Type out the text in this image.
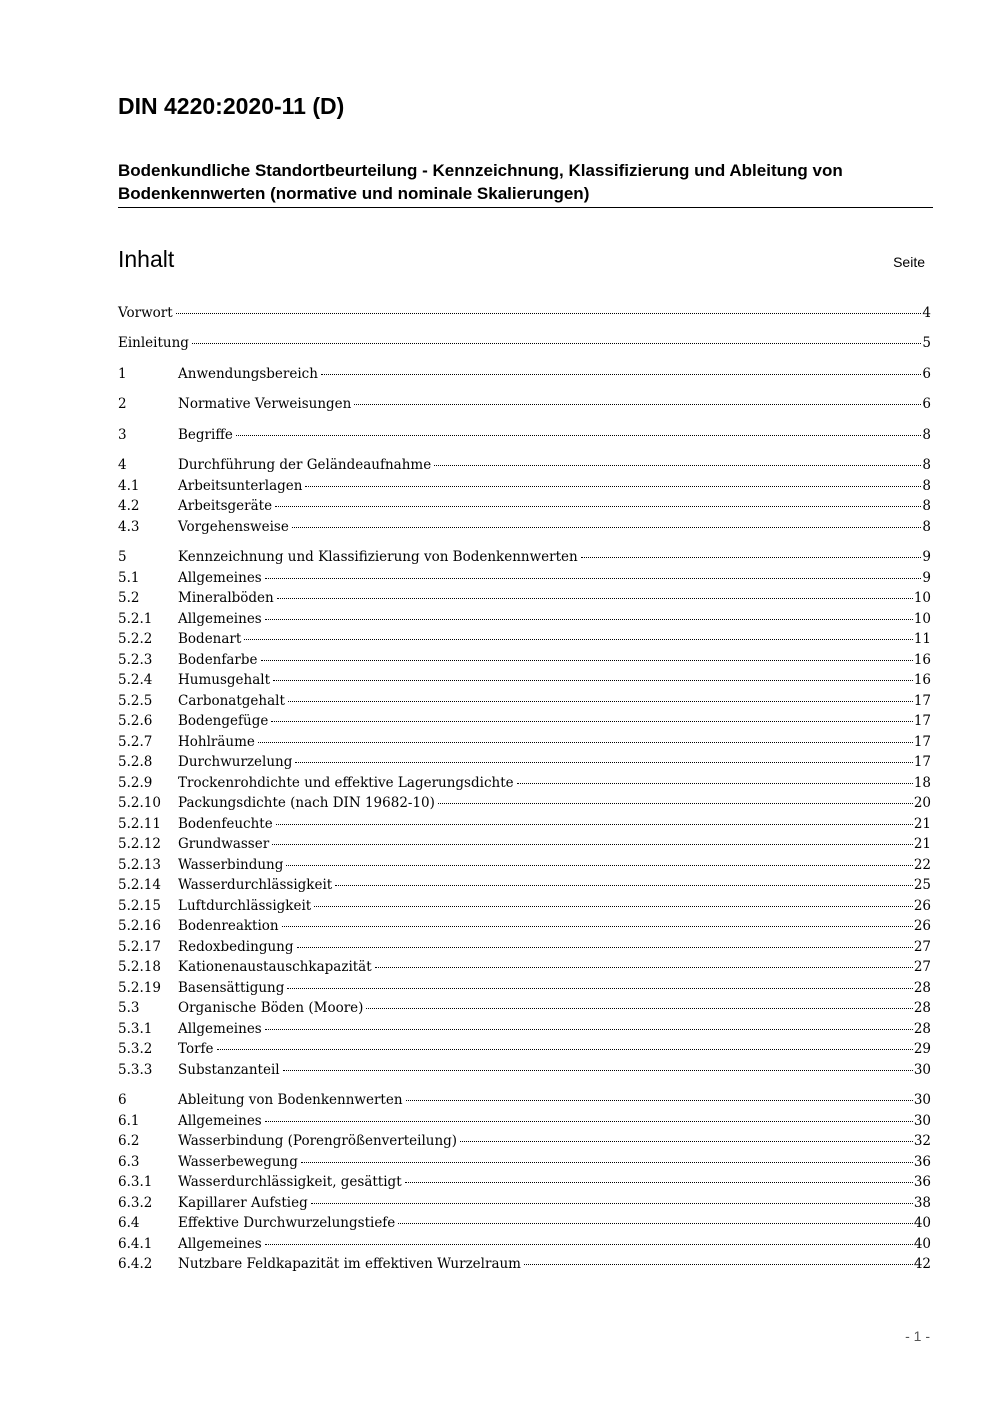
DIN 4220:2020-11 (D)
Bodenkundliche Standortbeurteilung - Kennzeichnung, Klassifizierung und Ableitung von Bodenkennwerten (normative und nominale Skalierungen)
Inhalt	Seite
Vorwort	4
Einleitung	5
1	Anwendungsbereich	6
2	Normative Verweisungen	6
3	Begriffe	8
4	Durchführung der Geländeaufnahme	8
4.1	Arbeitsunterlagen	8
4.2	Arbeitsgeräte	8
4.3	Vorgehensweise	8
5	Kennzeichnung und Klassifizierung von Bodenkennwerten	9
5.1	Allgemeines	9
5.2	Mineralböden	10
5.2.1	Allgemeines	10
5.2.2	Bodenart	11
5.2.3	Bodenfarbe	16
5.2.4	Humusgehalt	16
5.2.5	Carbonatgehalt	17
5.2.6	Bodengefüge	17
5.2.7	Hohlräume	17
5.2.8	Durchwurzelung	17
5.2.9	Trockenrohdichte und effektive Lagerungsdichte	18
5.2.10	Packungsdichte (nach DIN 19682-10)	20
5.2.11	Bodenfeuchte	21
5.2.12	Grundwasser	21
5.2.13	Wasserbindung	22
5.2.14	Wasserdurchlässigkeit	25
5.2.15	Luftdurchlässigkeit	26
5.2.16	Bodenreaktion	26
5.2.17	Redoxbedingung	27
5.2.18	Kationenaustauschkapazität	27
5.2.19	Basensättigung	28
5.3	Organische Böden (Moore)	28
5.3.1	Allgemeines	28
5.3.2	Torfe	29
5.3.3	Substanzanteil	30
6	Ableitung von Bodenkennwerten	30
6.1	Allgemeines	30
6.2	Wasserbindung (Porengrößenverteilung)	32
6.3	Wasserbewegung	36
6.3.1	Wasserdurchlässigkeit, gesättigt	36
6.3.2	Kapillarer Aufstieg	38
6.4	Effektive Durchwurzelungstiefe	40
6.4.1	Allgemeines	40
6.4.2	Nutzbare Feldkapazität im effektiven Wurzelraum	42
- 1 -
